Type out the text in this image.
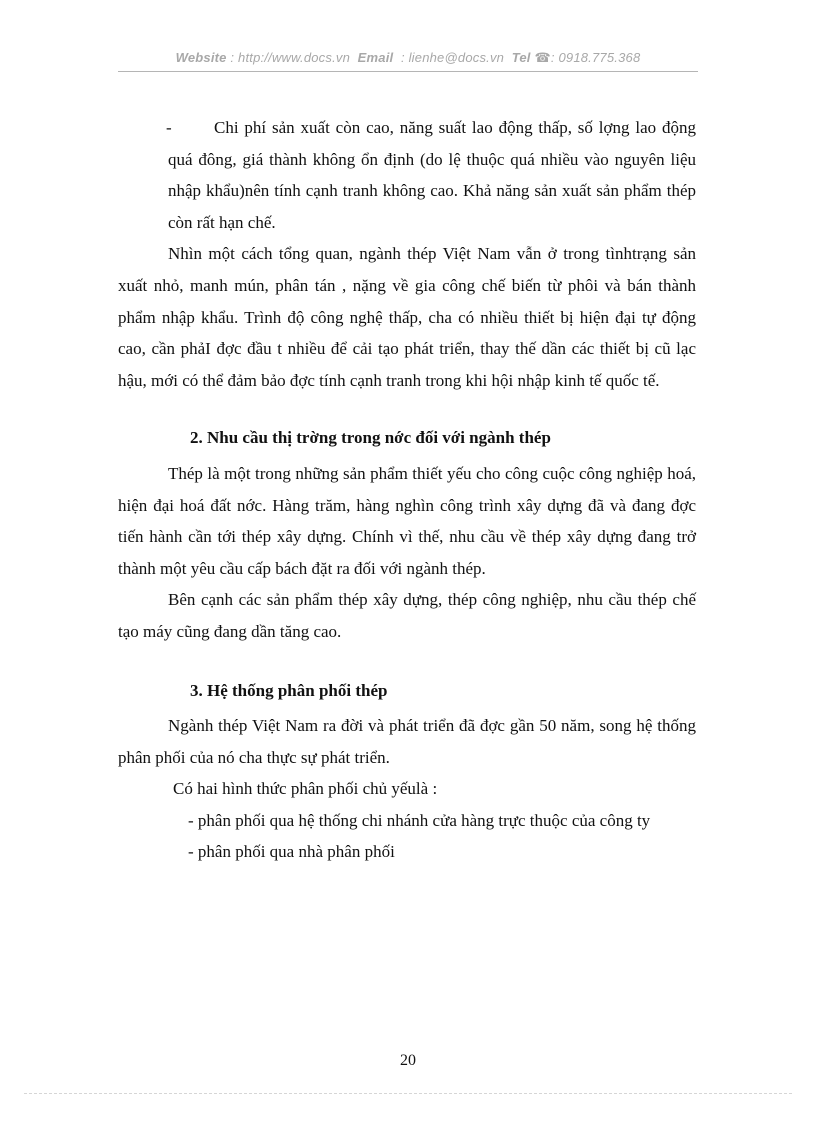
Website : http://www.docs.vn Email : lienhe@docs.vn Tel ☎: 0918.775.368

- Chi phí sản xuất còn cao, năng suất lao động thấp, số lợng lao động quá đông, giá thành không ổn định (do lệ thuộc quá nhiều vào nguyên liệu nhập khẩu)nên tính cạnh tranh không cao. Khả năng sản xuất sản phẩm thép còn rất hạn chế.

Nhìn một cách tổng quan, ngành thép Việt Nam vẫn ở trong tìnhtrạng sản xuất nhỏ, manh mún, phân tán , nặng về gia công chế biến từ phôi và bán thành phẩm nhập khẩu. Trình độ công nghệ thấp, cha có nhiều thiết bị hiện đại tự động cao, cần phảI đợc đầu t nhiều để cải tạo phát triển, thay thế dần các thiết bị cũ lạc hậu, mới có thể đảm bảo đợc tính cạnh tranh trong khi hội nhập kinh tế quốc tế.

2. Nhu cầu thị trờng trong nớc đối với ngành thép

Thép là một trong những sản phẩm thiết yếu cho công cuộc công nghiệp hoá, hiện đại hoá đất nớc. Hàng trăm, hàng nghìn công trình xây dựng đã và đang đợc tiến hành cần tới thép xây dựng. Chính vì thế, nhu cầu về thép xây dựng đang trở thành một yêu cầu cấp bách đặt ra đối với ngành thép.

Bên cạnh các sản phẩm thép xây dựng, thép công nghiệp, nhu cầu thép chế tạo máy cũng đang dần tăng cao.

3. Hệ thống phân phối thép

Ngành thép Việt Nam ra đời và phát triển đã đợc gần 50 năm, song hệ thống phân phối của nó cha thực sự phát triển.

Có hai hình thức phân phối chủ yếulà :

- phân phối qua hệ thống chi nhánh cửa hàng trực thuộc của công ty

- phân phối qua nhà phân phối

20
